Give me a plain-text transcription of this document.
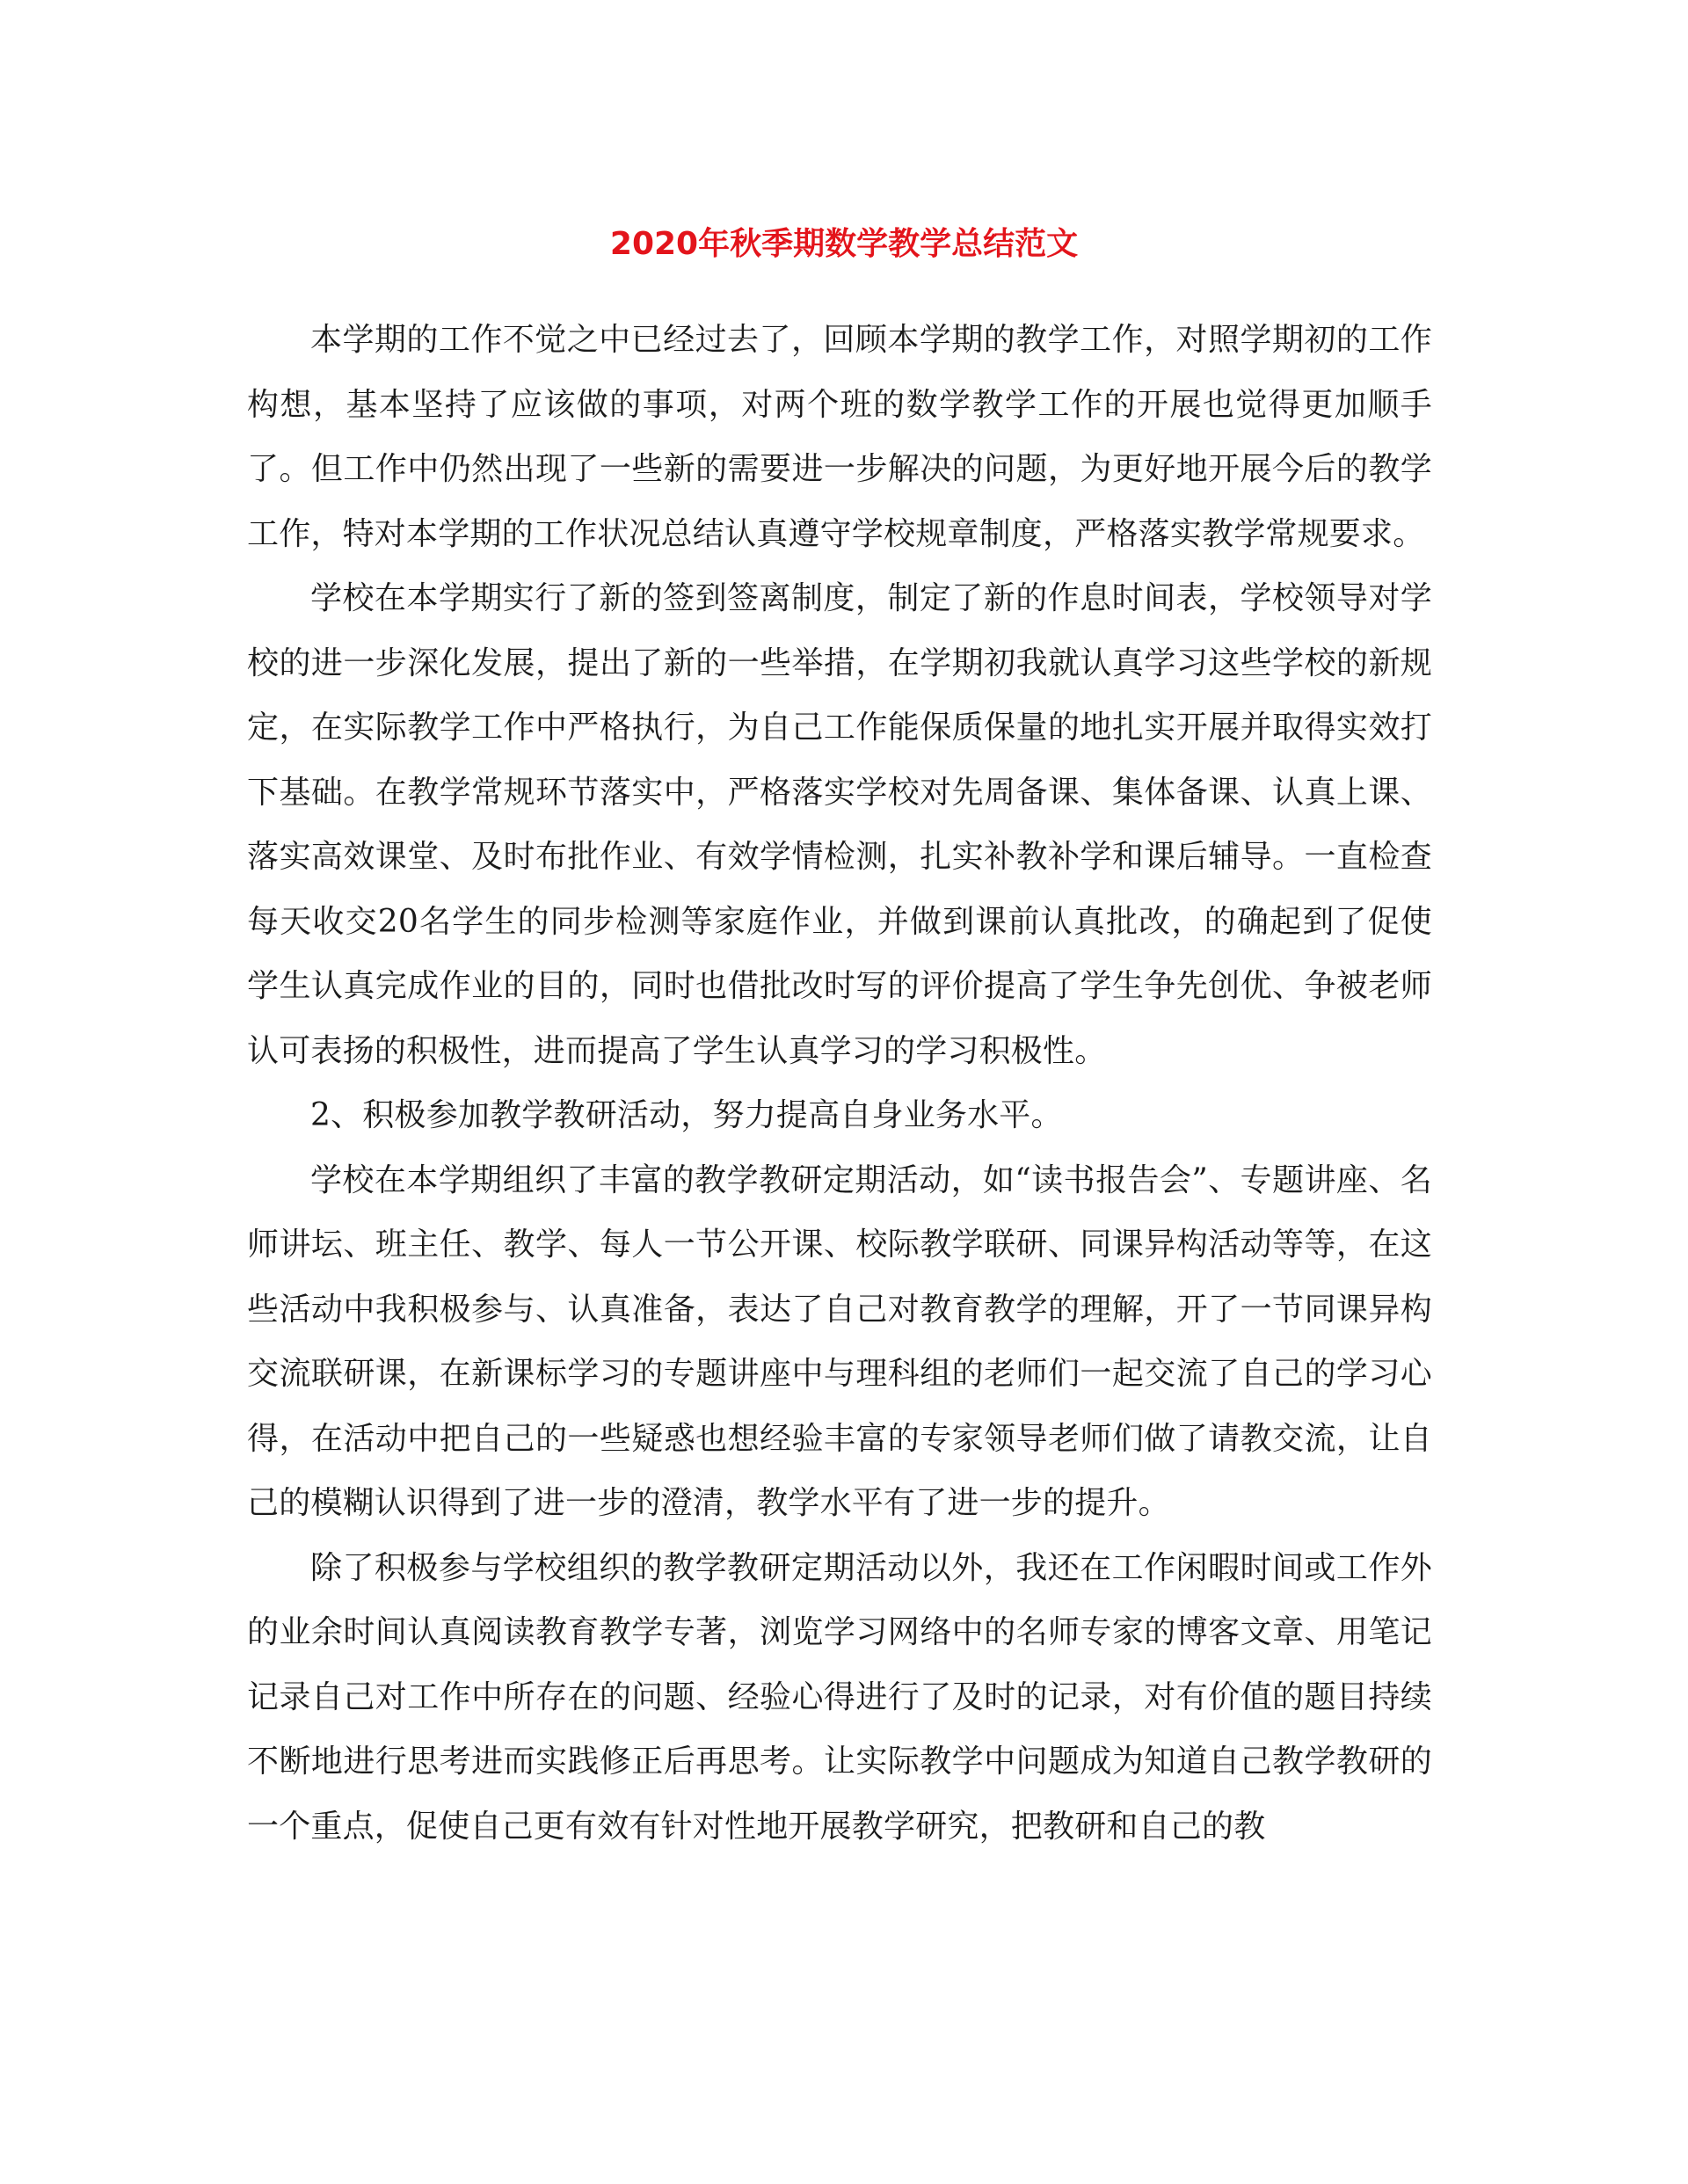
2020年秋季期数学教学总结范文

本学期的工作不觉之中已经过去了，回顾本学期的教学工作，对照学期初的工作构想，基本坚持了应该做的事项，对两个班的数学教学工作的开展也觉得更加顺手了。但工作中仍然出现了一些新的需要进一步解决的问题，为更好地开展今后的教学工作，特对本学期的工作状况总结认真遵守学校规章制度，严格落实教学常规要求。

学校在本学期实行了新的签到签离制度，制定了新的作息时间表，学校领导对学校的进一步深化发展，提出了新的一些举措，在学期初我就认真学习这些学校的新规定，在实际教学工作中严格执行，为自己工作能保质保量的地扎实开展并取得实效打下基础。在教学常规环节落实中，严格落实学校对先周备课、集体备课、认真上课、落实高效课堂、及时布批作业、有效学情检测，扎实补教补学和课后辅导。一直检查每天收交20名学生的同步检测等家庭作业，并做到课前认真批改，的确起到了促使学生认真完成作业的目的，同时也借批改时写的评价提高了学生争先创优、争被老师认可表扬的积极性，进而提高了学生认真学习的学习积极性。

2、积极参加教学教研活动，努力提高自身业务水平。

学校在本学期组织了丰富的教学教研定期活动，如“读书报告会”、专题讲座、名师讲坛、班主任、教学、每人一节公开课、校际教学联研、同课异构活动等等，在这些活动中我积极参与、认真准备，表达了自己对教育教学的理解，开了一节同课异构交流联研课，在新课标学习的专题讲座中与理科组的老师们一起交流了自己的学习心得，在活动中把自己的一些疑惑也想经验丰富的专家领导老师们做了请教交流，让自己的模糊认识得到了进一步的澄清，教学水平有了进一步的提升。

除了积极参与学校组织的教学教研定期活动以外，我还在工作闲暇时间或工作外的业余时间认真阅读教育教学专著，浏览学习网络中的名师专家的博客文章、用笔记记录自己对工作中所存在的问题、经验心得进行了及时的记录，对有价值的题目持续不断地进行思考进而实践修正后再思考。让实际教学中问题成为知道自己教学教研的一个重点，促使自己更有效有针对性地开展教学研究，把教研和自己的教
